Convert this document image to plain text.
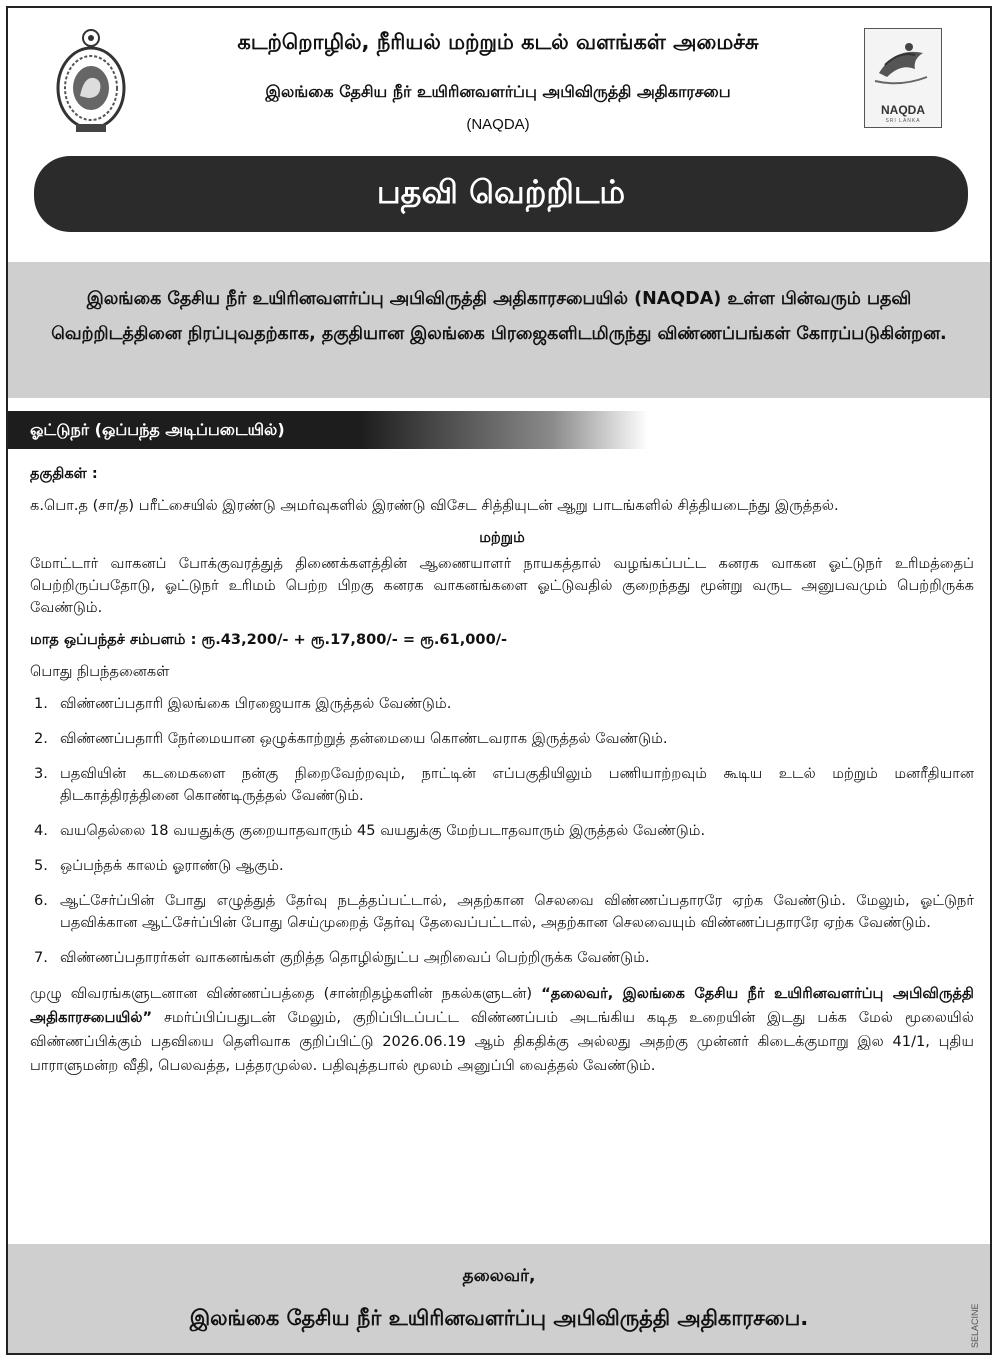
கடற்றொழில், நீரியல் மற்றும் கடல் வளங்கள் அமைச்சு
இலங்கை தேசிய நீர் உயிரினவளர்ப்பு அபிவிருத்தி அதிகாரசபை
(NAQDA)
NAQDA
SRI LANKA
பதவி வெற்றிடம்

இலங்கை தேசிய நீர் உயிரினவளர்ப்பு அபிவிருத்தி அதிகாரசபையில் (NAQDA) உள்ள பின்வரும் பதவி வெற்றிடத்தினை நிரப்புவதற்காக, தகுதியான இலங்கை பிரஜைகளிடமிருந்து விண்ணப்பங்கள் கோரப்படுகின்றன.

ஓட்டுநர் (ஒப்பந்த அடிப்படையில்)

தகுதிகள் :

க.பொ.த (சா/த) பரீட்சையில் இரண்டு அமர்வுகளில் இரண்டு விசேட சித்தியுடன் ஆறு பாடங்களில் சித்தியடைந்து இருத்தல்.

மற்றும்

மோட்டார் வாகனப் போக்குவரத்துத் திணைக்களத்தின் ஆணையாளர் நாயகத்தால் வழங்கப்பட்ட கனரக வாகன ஓட்டுநர் உரிமத்தைப் பெற்றிருப்பதோடு, ஓட்டுநர் உரிமம் பெற்ற பிறகு கனரக வாகனங்களை ஓட்டுவதில் குறைந்தது மூன்று வருட அனுபவமும் பெற்றிருக்க வேண்டும்.

மாத ஒப்பந்தச் சம்பளம் : ரூ.43,200/- + ரூ.17,800/- = ரூ.61,000/-

பொது நிபந்தனைகள்

1. விண்ணப்பதாரி இலங்கை பிரஜையாக இருத்தல் வேண்டும்.
2. விண்ணப்பதாரி நேர்மையான ஒழுக்காற்றுத் தன்மையை கொண்டவராக இருத்தல் வேண்டும்.
3. பதவியின் கடமைகளை நன்கு நிறைவேற்றவும், நாட்டின் எப்பகுதியிலும் பணியாற்றவும் கூடிய உடல் மற்றும் மனரீதியான திடகாத்திரத்தினை கொண்டிருத்தல் வேண்டும்.
4. வயதெல்லை 18 வயதுக்கு குறையாதவாரும் 45 வயதுக்கு மேற்படாதவாரும் இருத்தல் வேண்டும்.
5. ஒப்பந்தக் காலம் ஓராண்டு ஆகும்.
6. ஆட்சேர்ப்பின் போது எழுத்துத் தேர்வு நடத்தப்பட்டால், அதற்கான செலவை விண்ணப்பதாரரே ஏற்க வேண்டும். மேலும், ஓட்டுநர் பதவிக்கான ஆட்சேர்ப்பின் போது செய்முறைத் தேர்வு தேவைப்பட்டால், அதற்கான செலவையும் விண்ணப்பதாரரே ஏற்க வேண்டும்.
7. விண்ணப்பதாரர்கள் வாகனங்கள் குறித்த தொழில்நுட்ப அறிவைப் பெற்றிருக்க வேண்டும்.

முழு விவரங்களுடனான விண்ணப்பத்தை (சான்றிதழ்களின் நகல்களுடன்) “தலைவர், இலங்கை தேசிய நீர் உயிரினவளர்ப்பு அபிவிருத்தி அதிகாரசபையில்” சமர்ப்பிப்பதுடன் மேலும், குறிப்பிடப்பட்ட விண்ணப்பம் அடங்கிய கடித உறையின் இடது பக்க மேல் மூலையில் விண்ணப்பிக்கும் பதவியை தெளிவாக குறிப்பிட்டு 2026.06.19 ஆம் திகதிக்கு அல்லது அதற்கு முன்னர் கிடைக்குமாறு இல 41/1, புதிய பாராளுமன்ற வீதி, பெலவத்த, பத்தரமுல்ல. பதிவுத்தபால் மூலம் அனுப்பி வைத்தல் வேண்டும்.

தலைவர்,
இலங்கை தேசிய நீர் உயிரினவளர்ப்பு அபிவிருத்தி அதிகாரசபை.	SELACINE
